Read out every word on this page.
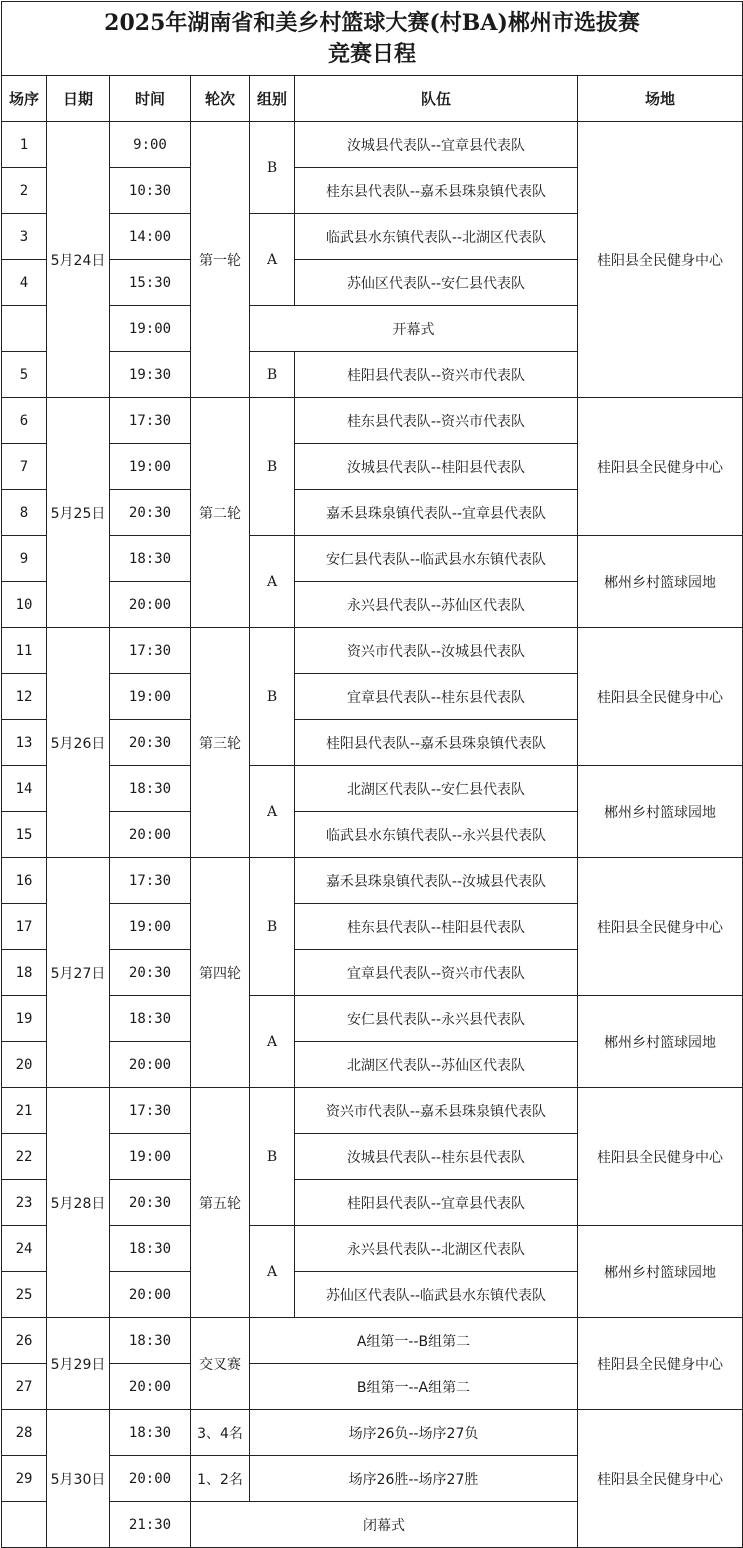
2025年湖南省和美乡村篮球大赛(村BA)郴州市选拔赛
竞赛日程						

场序	日期	时间	轮次	组别	队伍	场地
1	5月24日	9:00	第一轮	B	汝城县代表队--宜章县代表队	桂阳县全民健身中心
2		10:30			桂东县代表队--嘉禾县珠泉镇代表队	
3		14:00		A	临武县水东镇代表队--北湖区代表队	
4		15:30			苏仙区代表队--安仁县代表队	
		19:00		开幕式		
5		19:30		B	桂阳县代表队--资兴市代表队	
6	5月25日	17:30	第二轮	B	桂东县代表队--资兴市代表队	桂阳县全民健身中心
7		19:00			汝城县代表队--桂阳县代表队	
8		20:30			嘉禾县珠泉镇代表队--宜章县代表队	
9		18:30		A	安仁县代表队--临武县水东镇代表队	郴州乡村篮球园地
10		20:00			永兴县代表队--苏仙区代表队	
11	5月26日	17:30	第三轮	B	资兴市代表队--汝城县代表队	桂阳县全民健身中心
12		19:00			宜章县代表队--桂东县代表队	
13		20:30			桂阳县代表队--嘉禾县珠泉镇代表队	
14		18:30		A	北湖区代表队--安仁县代表队	郴州乡村篮球园地
15		20:00			临武县水东镇代表队--永兴县代表队	
16	5月27日	17:30	第四轮	B	嘉禾县珠泉镇代表队--汝城县代表队	桂阳县全民健身中心
17		19:00			桂东县代表队--桂阳县代表队	
18		20:30			宜章县代表队--资兴市代表队	
19		18:30		A	安仁县代表队--永兴县代表队	郴州乡村篮球园地
20		20:00			北湖区代表队--苏仙区代表队	
21	5月28日	17:30	第五轮	B	资兴市代表队--嘉禾县珠泉镇代表队	桂阳县全民健身中心
22		19:00			汝城县代表队--桂东县代表队	
23		20:30			桂阳县代表队--宜章县代表队	
24		18:30		A	永兴县代表队--北湖区代表队	郴州乡村篮球园地
25		20:00			苏仙区代表队--临武县水东镇代表队	
26	5月29日	18:30	交叉赛	A组第一--B组第二		桂阳县全民健身中心
27		20:00		B组第一--A组第二		
28	5月30日	18:30	3、4名	场序26负--场序27负		桂阳县全民健身中心
29		20:00	1、2名	场序26胜--场序27胜		
		21:30	闭幕式			
